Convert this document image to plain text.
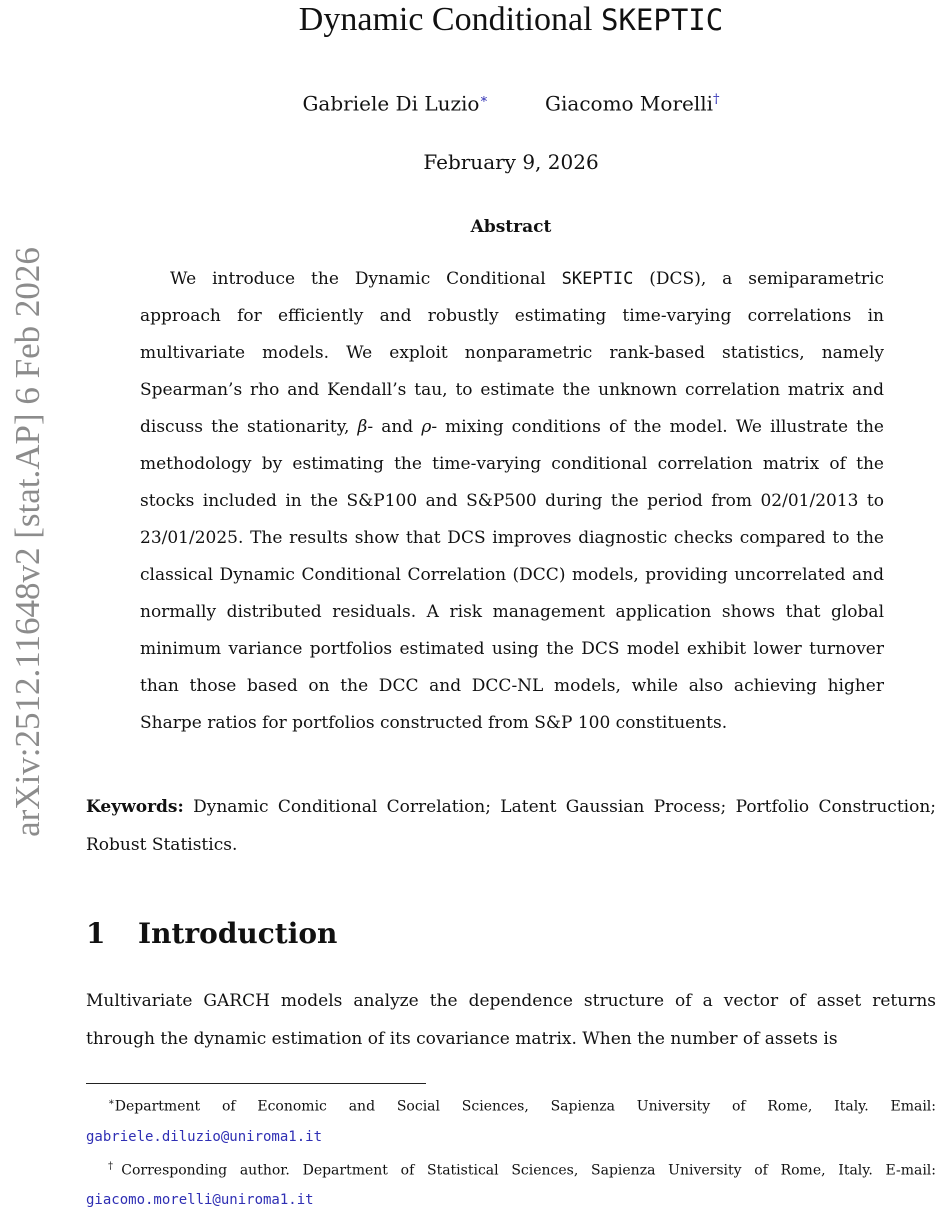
arXiv:2512.11648v2 [stat.AP] 6 Feb 2026
Dynamic Conditional SKEPTIC
Gabriele Di Luzio∗	Giacomo Morelli†
February 9, 2026
Abstract

We introduce the Dynamic Conditional SKEPTIC (DCS), a semiparametric approach for efficiently and robustly estimating time-varying correlations in multivariate models. We exploit nonparametric rank-based statistics, namely Spearman’s rho and Kendall’s tau, to estimate the unknown correlation matrix and discuss the stationarity, β- and ρ- mixing conditions of the model. We illustrate the methodology by estimating the time-varying conditional correlation matrix of the stocks included in the S&P100 and S&P500 during the period from 02/01/2013 to 23/01/2025. The results show that DCS improves diagnostic checks compared to the classical Dynamic Conditional Correlation (DCC) models, providing uncorrelated and normally distributed residuals. A risk management application shows that global minimum variance portfolios estimated using the DCS model exhibit lower turnover than those based on the DCC and DCC-NL models, while also achieving higher Sharpe ratios for portfolios constructed from S&P 100 constituents.

Keywords: Dynamic Conditional Correlation; Latent Gaussian Process; Portfolio Construction; Robust Statistics.

1 Introduction

Multivariate GARCH models analyze the dependence structure of a vector of asset returns through the dynamic estimation of its covariance matrix. When the number of assets is

∗Department of Economic and Social Sciences, Sapienza University of Rome, Italy. Email: gabriele.diluzio@uniroma1.it

†Corresponding author. Department of Statistical Sciences, Sapienza University of Rome, Italy. E-mail: giacomo.morelli@uniroma1.it
